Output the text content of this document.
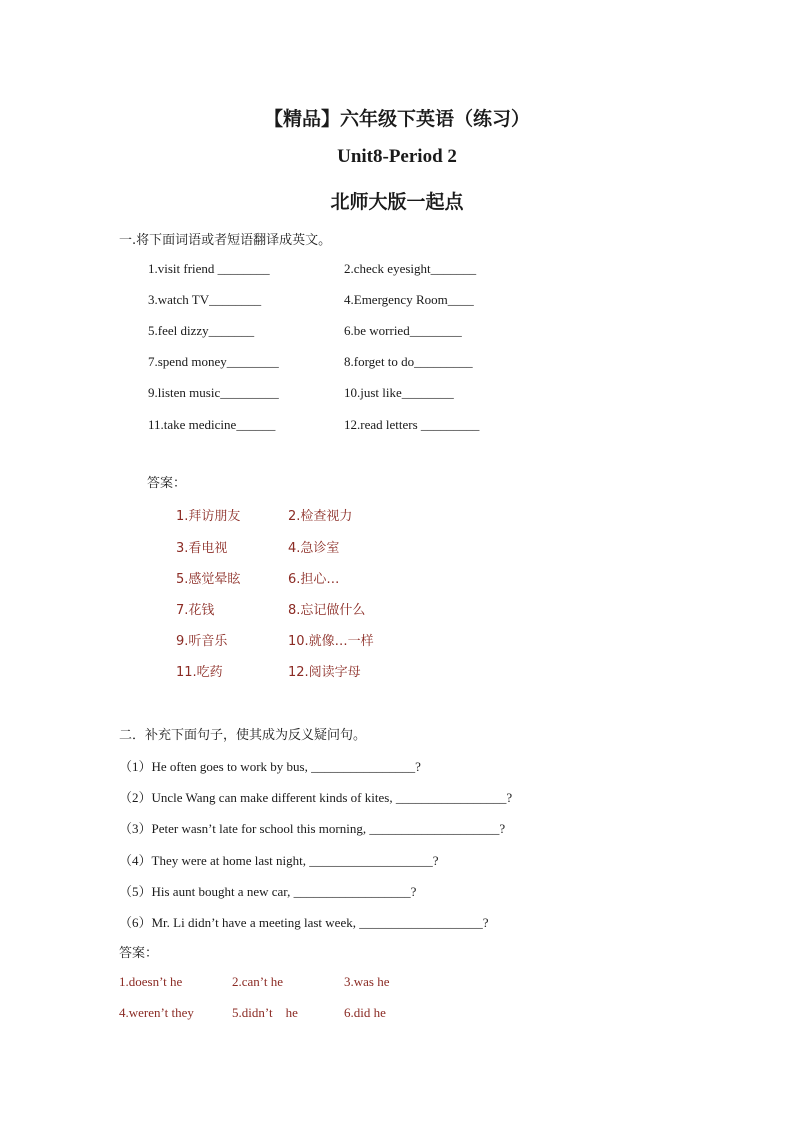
【精品】六年级下英语（练习）
Unit8-Period 2
北师大版一起点
一.将下面词语或者短语翻译成英文。
1.visit friend ________	2.check eyesight_______
3.watch TV________	4.Emergency Room____
5.feel dizzy_______	6.be worried________
7.spend money________	8.forget to do_________
9.listen music_________	10.just like________
11.take medicine______	12.read letters _________
答案：
1.拜访朋友	2.检查视力
3.看电视	4.急诊室
5.感觉晕眩	6.担心…
7.花钱	8.忘记做什么
9.听音乐	10.就像…一样
11.吃药	12.阅读字母
二．补充下面句子，使其成为反义疑问句。
（1）He often goes to work by bus, ________________?
（2）Uncle Wang can make different kinds of kites, _________________?
（3）Peter wasn’t late for school this morning, ____________________?
（4）They were at home last night, ___________________?
（5）His aunt bought a new car, __________________?
（6）Mr. Li didn’t have a meeting last week, ___________________?
答案：
1.doesn’t he	2.can’t he	3.was he
4.weren’t they	5.didn’t    he	6.did he
